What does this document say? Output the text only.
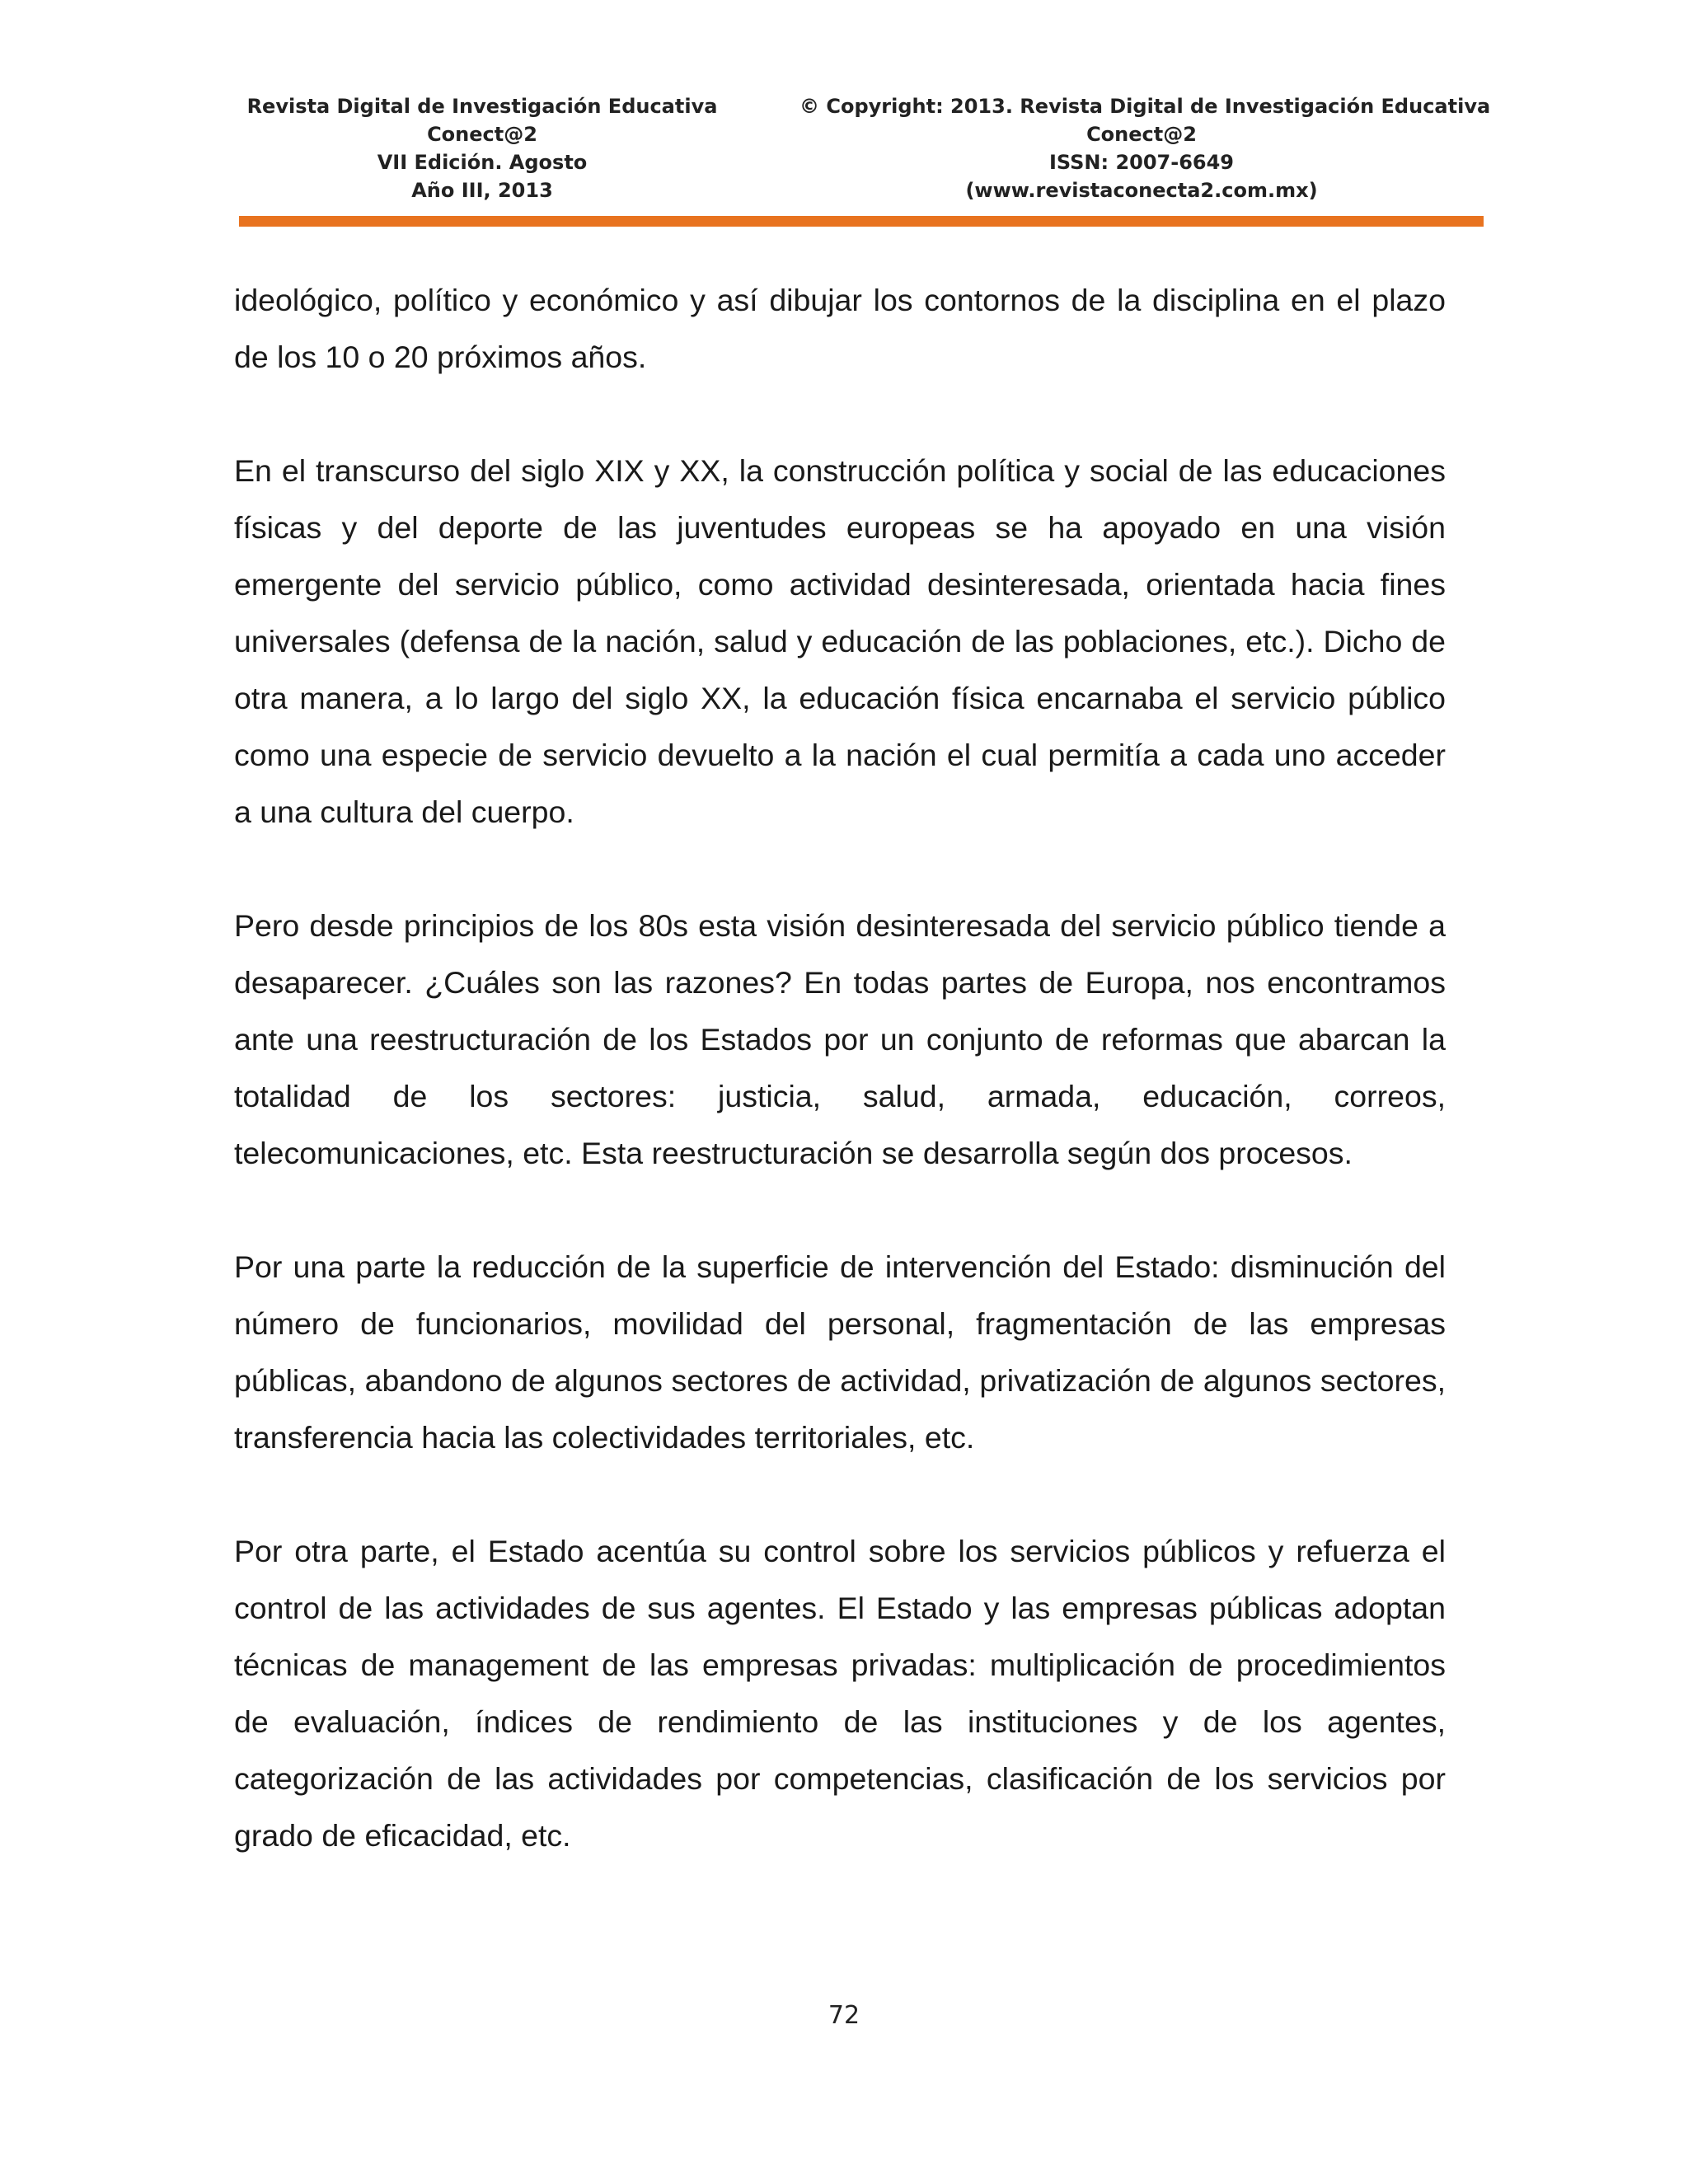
Revista Digital de Investigación Educativa
Conect@2
VII Edición. Agosto
Año III, 2013
© Copyright: 2013. Revista Digital de Investigación Educativa
Conect@2
ISSN: 2007-6649
(www.revistaconecta2.com.mx)

ideológico, político y económico y así dibujar los contornos de la disciplina en el plazo de los 10 o 20 próximos años.

En el transcurso del siglo XIX y XX, la construcción política y social de las educaciones físicas y del deporte de las juventudes europeas se ha apoyado en una visión emergente del servicio público, como actividad desinteresada, orientada hacia fines universales (defensa de la nación, salud y educación de las poblaciones, etc.). Dicho de otra manera, a lo largo del siglo XX, la educación física encarnaba el servicio público como una especie de servicio devuelto a la nación el cual permitía a cada uno acceder a una cultura del cuerpo.

Pero desde principios de los 80s esta visión desinteresada del servicio público tiende a desaparecer. ¿Cuáles son las razones? En todas partes de Europa, nos encontramos ante una reestructuración de los Estados por un conjunto de reformas que abarcan la totalidad de los sectores: justicia, salud, armada, educación, correos, telecomunicaciones, etc. Esta reestructuración se desarrolla según dos procesos.

Por una parte la reducción de la superficie de intervención del Estado: disminución del número de funcionarios, movilidad del personal, fragmentación de las empresas públicas, abandono de algunos sectores de actividad, privatización de algunos sectores, transferencia hacia las colectividades territoriales, etc.

Por otra parte, el Estado acentúa su control sobre los servicios públicos y refuerza el control de las actividades de sus agentes. El Estado y las empresas públicas adoptan técnicas de management de las empresas privadas: multiplicación de procedimientos de evaluación, índices de rendimiento de las instituciones y de los agentes, categorización de las actividades por competencias, clasificación de los servicios por grado de eficacidad, etc.

72
